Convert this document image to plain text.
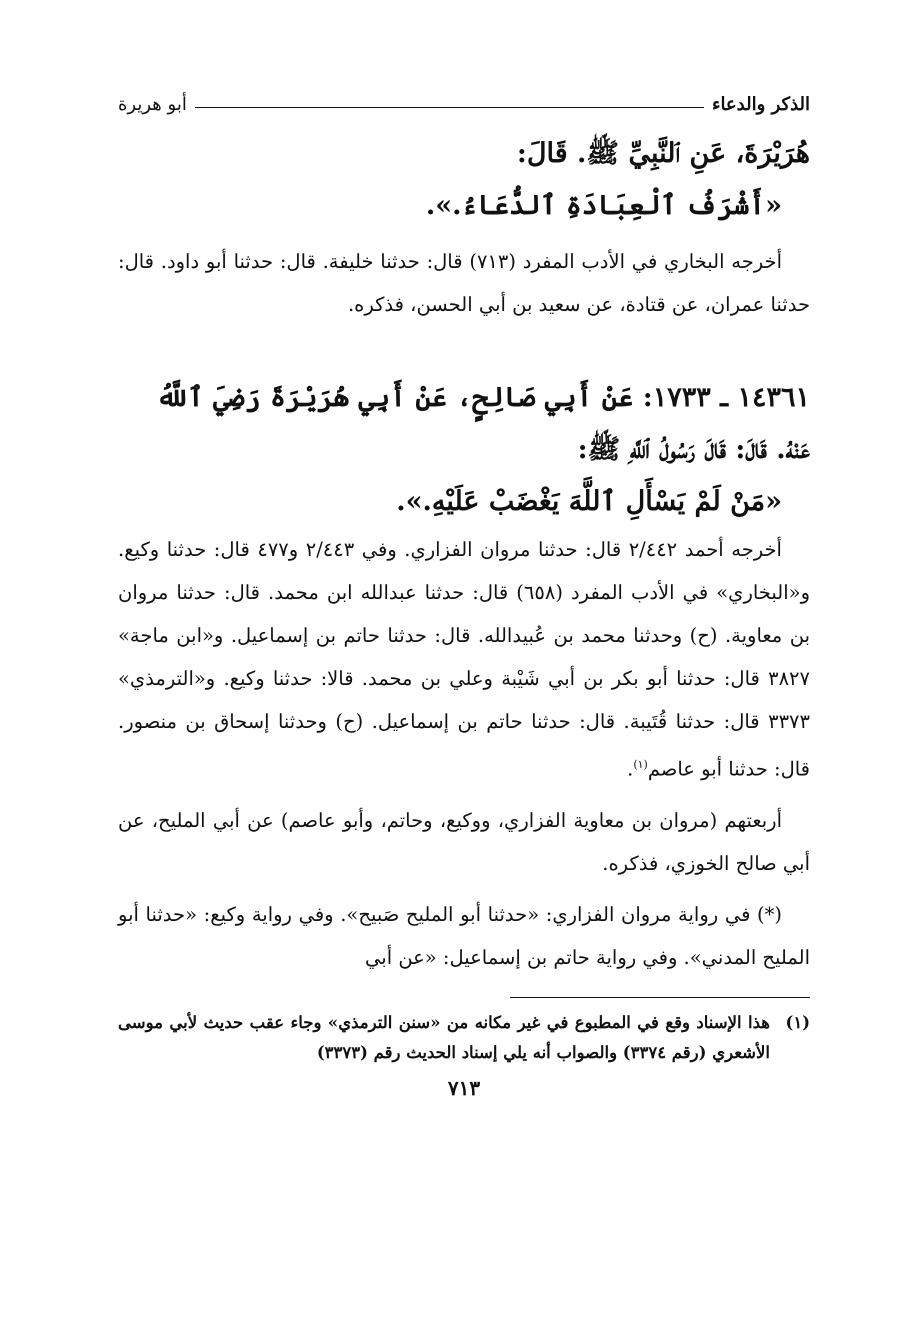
الذكر والدعاء
أبو هريرة
هُرَيْرَةَ، عَنِ ٱلنَّبِيِّ ﷺ. قَالَ:
«أَشْرَفُ ٱلْعِبَادَةِ ٱلدُّعَاءُ.».
أخرجه البخاري في الأدب المفرد (٧١٣) قال: حدثنا خليفة. قال: حدثنا أبو داود. قال: حدثنا عمران، عن قتادة، عن سعيد بن أبي الحسن، فذكره.
١٤٣٦١ ـ ١٧٣٣: عَنْ أَبِي صَالِحٍ، عَنْ أَبِي هُرَيْرَةَ رَضِيَ ٱللَّهُ
عَنْهُ. قَالَ: قَالَ رَسُولُ ٱللَّهِ ﷺ:
«مَنْ لَمْ يَسْأَلِ ٱللَّهَ يَغْضَبْ عَلَيْهِ.».
أخرجه أحمد ٢/٤٤٢ قال: حدثنا مروان الفزاري. وفي ٢/٤٤٣ و٤٧٧ قال: حدثنا وكيع. و«البخاري» في الأدب المفرد (٦٥٨) قال: حدثنا عبدالله ابن محمد. قال: حدثنا مروان بن معاوية. (ح) وحدثنا محمد بن عُبيدالله. قال: حدثنا حاتم بن إسماعيل. و«ابن ماجة» ٣٨٢٧ قال: حدثنا أبو بكر بن أبي شَيْبة وعلي بن محمد. قالا: حدثنا وكيع. و«الترمذي» ٣٣٧٣ قال: حدثنا قُتَيبة. قال: حدثنا حاتم بن إسماعيل. (ح) وحدثنا إسحاق بن منصور. قال: حدثنا أبو عاصم$^{(١)}$.
أربعتهم (مروان بن معاوية الفزاري، ووكيع، وحاتم، وأبو عاصم) عن أبي المليح، عن أبي صالح الخوزي، فذكره.
(*) في رواية مروان الفزاري: «حدثنا أبو المليح صَبيح». وفي رواية وكيع: «حدثنا أبو المليح المدني». وفي رواية حاتم بن إسماعيل: «عن أبي
(١)
هذا الإسناد وقع في المطبوع في غير مكانه من «سنن الترمذي» وجاء عقب حديث لأبي موسى الأشعري (رقم ٣٣٧٤) والصواب أنه يلي إسناد الحديث رقم (٣٣٧٣)
٧١٣
